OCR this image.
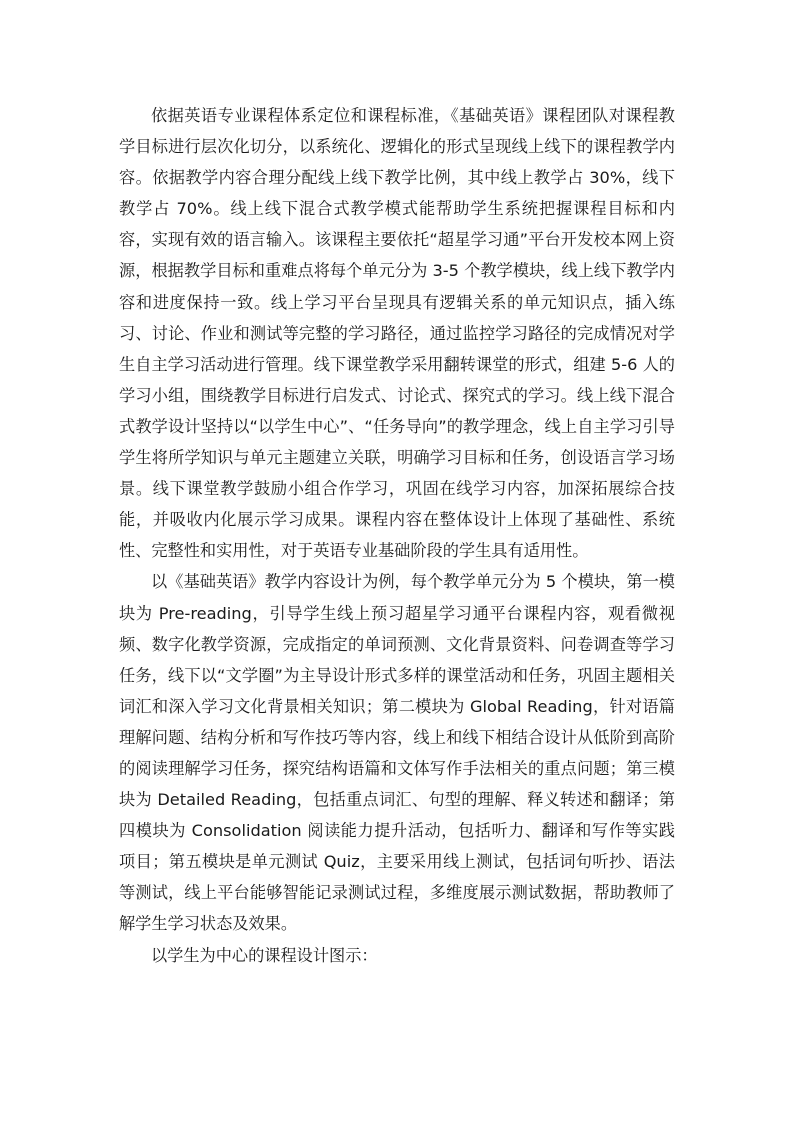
依据英语专业课程体系定位和课程标准，《基础英语》课程团队对课程教学目标进行层次化切分，以系统化、逻辑化的形式呈现线上线下的课程教学内容。依据教学内容合理分配线上线下教学比例，其中线上教学占 30%，线下教学占 70%。线上线下混合式教学模式能帮助学生系统把握课程目标和内容，实现有效的语言输入。该课程主要依托“超星学习通”平台开发校本网上资源，根据教学目标和重难点将每个单元分为 3-5 个教学模块，线上线下教学内容和进度保持一致。线上学习平台呈现具有逻辑关系的单元知识点，插入练习、讨论、作业和测试等完整的学习路径，通过监控学习路径的完成情况对学生自主学习活动进行管理。线下课堂教学采用翻转课堂的形式，组建 5-6 人的学习小组，围绕教学目标进行启发式、讨论式、探究式的学习。线上线下混合式教学设计坚持以“以学生中心”、“任务导向”的教学理念，线上自主学习引导学生将所学知识与单元主题建立关联，明确学习目标和任务，创设语言学习场景。线下课堂教学鼓励小组合作学习，巩固在线学习内容，加深拓展综合技能，并吸收内化展示学习成果。课程内容在整体设计上体现了基础性、系统性、完整性和实用性，对于英语专业基础阶段的学生具有适用性。

以《基础英语》教学内容设计为例，每个教学单元分为 5 个模块，第一模块为 Pre-reading，引导学生线上预习超星学习通平台课程内容，观看微视频、数字化教学资源，完成指定的单词预测、文化背景资料、问卷调查等学习任务，线下以“文学圈”为主导设计形式多样的课堂活动和任务，巩固主题相关词汇和深入学习文化背景相关知识；第二模块为 Global Reading，针对语篇理解问题、结构分析和写作技巧等内容，线上和线下相结合设计从低阶到高阶的阅读理解学习任务，探究结构语篇和文体写作手法相关的重点问题；第三模块为 Detailed Reading，包括重点词汇、句型的理解、释义转述和翻译；第四模块为 Consolidation 阅读能力提升活动，包括听力、翻译和写作等实践项目；第五模块是单元测试 Quiz，主要采用线上测试，包括词句听抄、语法等测试，线上平台能够智能记录测试过程，多维度展示测试数据，帮助教师了解学生学习状态及效果。

以学生为中心的课程设计图示：
